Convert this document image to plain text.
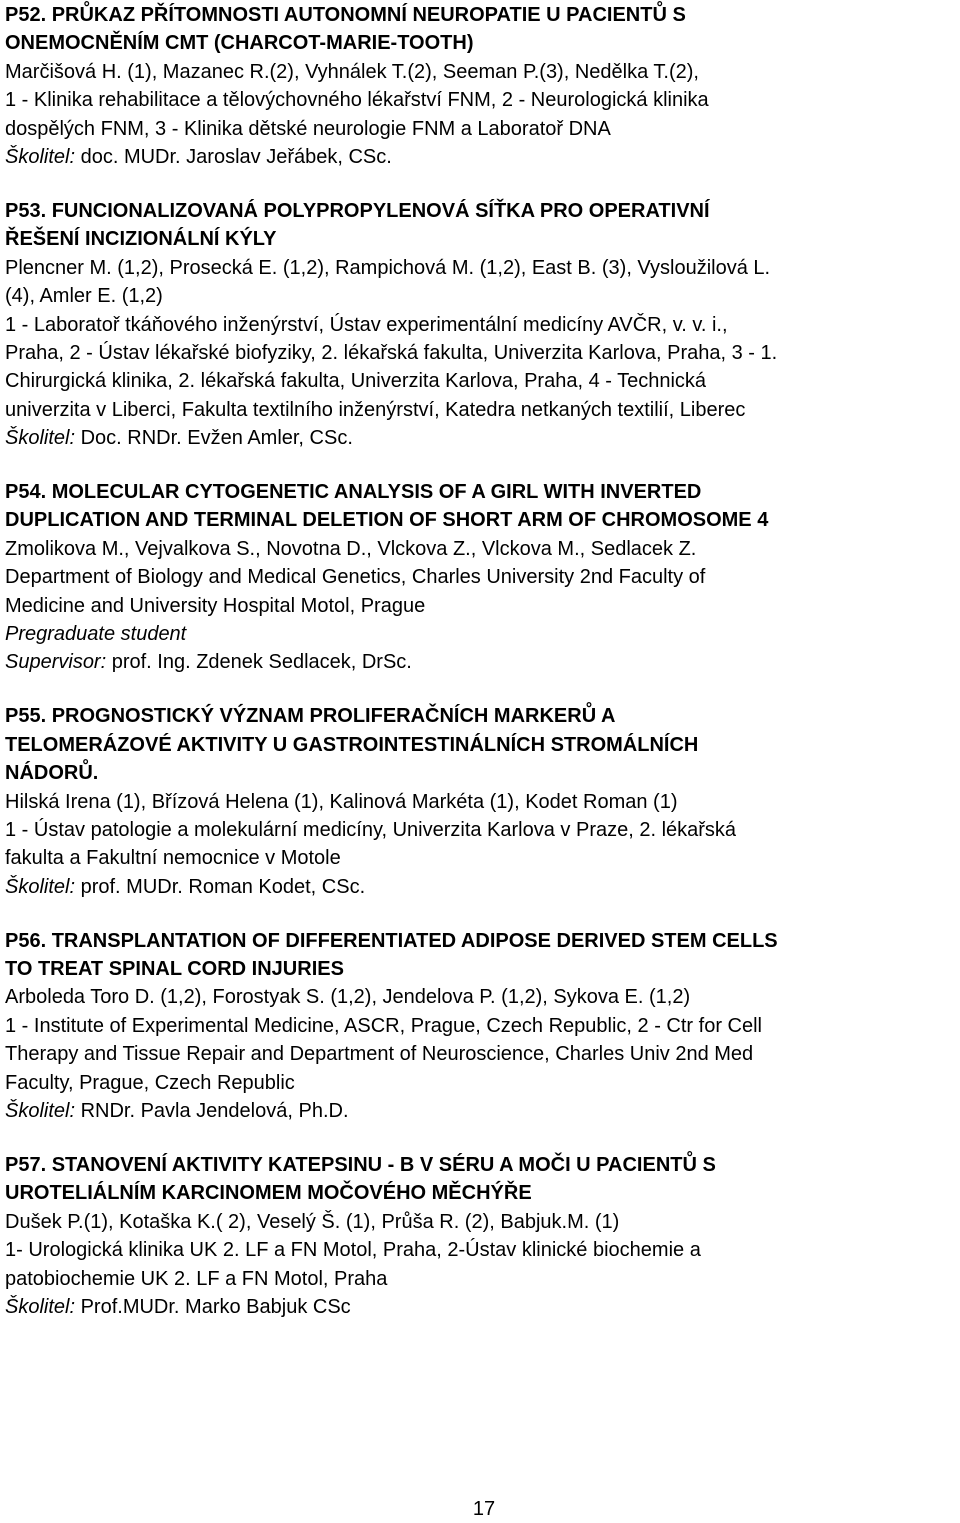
P52. PRŮKAZ PŘÍTOMNOSTI AUTONOMNÍ NEUROPATIE U PACIENTŮ S
ONEMOCNĚNÍM CMT (CHARCOT-MARIE-TOOTH)
Marčišová H. (1), Mazanec R.(2), Vyhnálek T.(2), Seeman P.(3), Nedělka T.(2),
1 - Klinika rehabilitace a tělovýchovného lékařství FNM, 2 - Neurologická klinika
dospělých FNM, 3 - Klinika dětské neurologie FNM a Laboratoř DNA
Školitel: doc. MUDr. Jaroslav Jeřábek, CSc.
P53. FUNCIONALIZOVANÁ POLYPROPYLENOVÁ SÍŤKA PRO OPERATIVNÍ
ŘEŠENÍ INCIZIONÁLNÍ KÝLY
Plencner M. (1,2), Prosecká E. (1,2), Rampichová M. (1,2), East B. (3), Vysloužilová L.
(4), Amler E. (1,2)
1 - Laboratoř tkáňového inženýrství, Ústav experimentální medicíny AVČR, v. v. i.,
Praha, 2 - Ústav lékařské biofyziky, 2. lékařská fakulta, Univerzita Karlova, Praha, 3 - 1.
Chirurgická klinika, 2. lékařská fakulta, Univerzita Karlova, Praha, 4 - Technická
univerzita v Liberci, Fakulta textilního inženýrství, Katedra netkaných textilií, Liberec
Školitel: Doc. RNDr. Evžen Amler, CSc.
P54. MOLECULAR CYTOGENETIC ANALYSIS OF A GIRL WITH INVERTED
DUPLICATION AND TERMINAL DELETION OF SHORT ARM OF CHROMOSOME 4
Zmolikova M., Vejvalkova S., Novotna D., Vlckova Z., Vlckova M., Sedlacek Z.
Department of Biology and Medical Genetics, Charles University 2nd Faculty of
Medicine and University Hospital Motol, Prague
Pregraduate student
Supervisor: prof. Ing. Zdenek Sedlacek, DrSc.
P55. PROGNOSTICKÝ VÝZNAM PROLIFERAČNÍCH MARKERŮ A
TELOMERÁZOVÉ AKTIVITY U GASTROINTESTINÁLNÍCH STROMÁLNÍCH
NÁDORŮ.
Hilská Irena (1), Břízová Helena (1), Kalinová Markéta (1), Kodet Roman (1)
1 - Ústav patologie a molekulární medicíny, Univerzita Karlova v Praze, 2. lékařská
fakulta a Fakultní nemocnice v Motole
Školitel: prof. MUDr. Roman Kodet, CSc.
P56. TRANSPLANTATION OF DIFFERENTIATED ADIPOSE DERIVED STEM CELLS
TO TREAT SPINAL CORD INJURIES
Arboleda Toro D. (1,2), Forostyak S. (1,2), Jendelova P. (1,2), Sykova E. (1,2)
1 - Institute of Experimental Medicine, ASCR, Prague, Czech Republic, 2 - Ctr for Cell
Therapy and Tissue Repair and Department of Neuroscience, Charles Univ 2nd Med
Faculty, Prague, Czech Republic
Školitel: RNDr. Pavla Jendelová, Ph.D.
P57. STANOVENÍ AKTIVITY KATEPSINU - B V SÉRU A MOČI U PACIENTŮ S
UROTELIÁLNÍM KARCINOMEM MOČOVÉHO MĚCHÝŘE
Dušek P.(1), Kotaška K.( 2), Veselý Š. (1), Průša R. (2), Babjuk.M. (1)
1- Urologická klinika UK 2. LF a FN Motol, Praha, 2-Ústav klinické biochemie a
patobiochemie UK 2. LF a FN Motol, Praha
Školitel: Prof.MUDr. Marko Babjuk CSc
17
